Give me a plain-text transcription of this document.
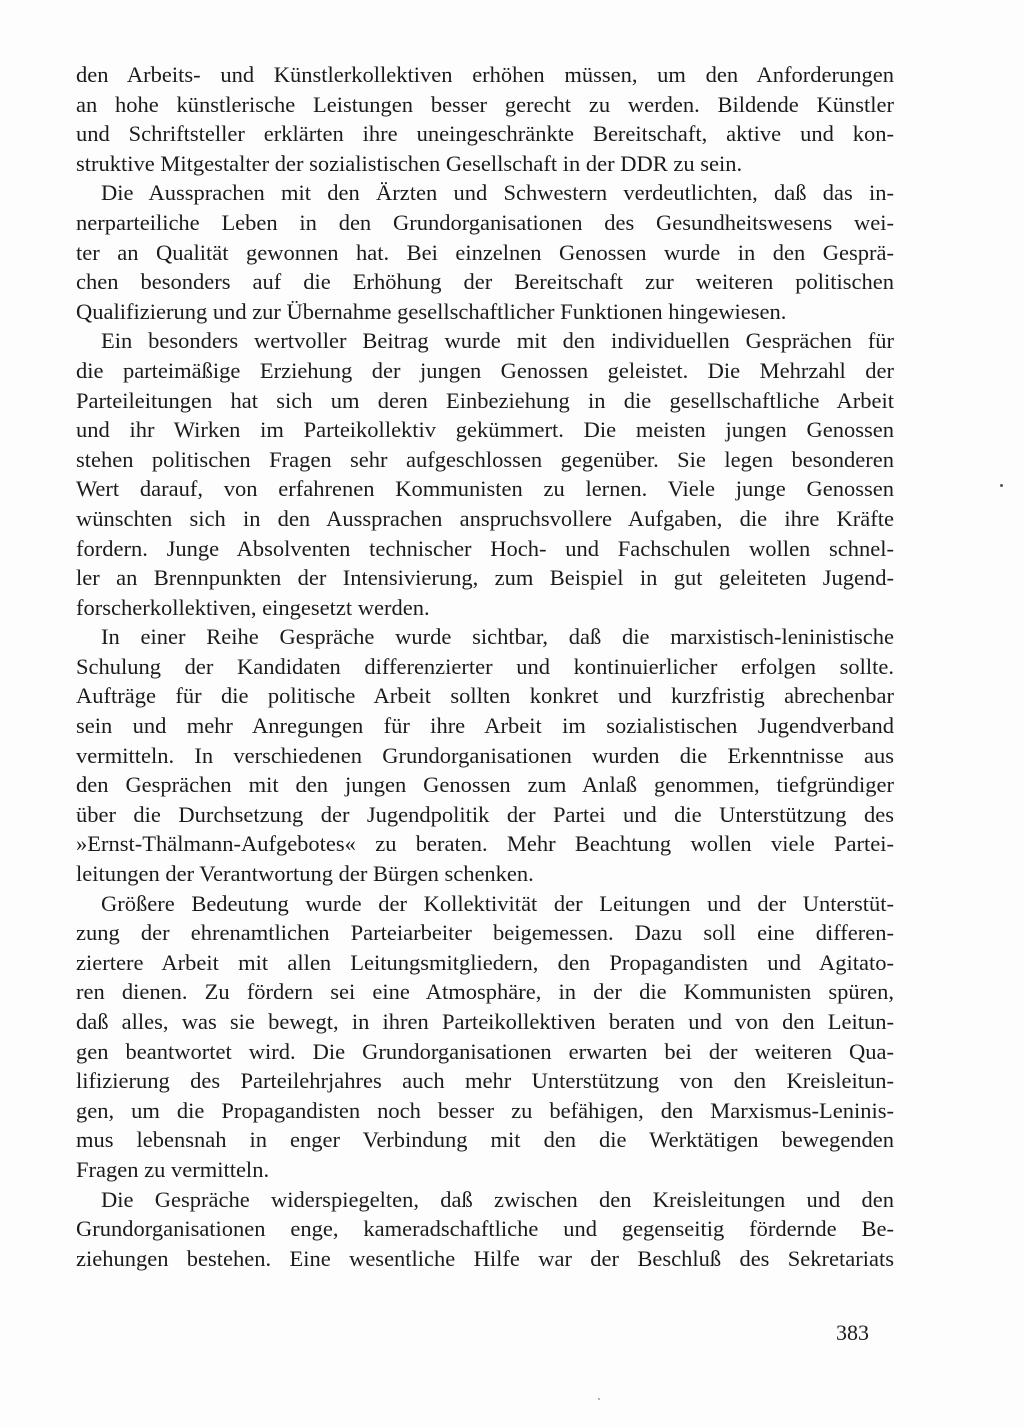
den Arbeits- und Künstlerkollektiven erhöhen müssen, um den Anforderungen
an hohe künstlerische Leistungen besser gerecht zu werden. Bildende Künstler
und Schriftsteller erklärten ihre uneingeschränkte Bereitschaft, aktive und kon-
struktive Mitgestalter der sozialistischen Gesellschaft in der DDR zu sein.
Die Aussprachen mit den Ärzten und Schwestern verdeutlichten, daß das in-
nerparteiliche Leben in den Grundorganisationen des Gesundheitswesens wei-
ter an Qualität gewonnen hat. Bei einzelnen Genossen wurde in den Gesprä-
chen besonders auf die Erhöhung der Bereitschaft zur weiteren politischen
Qualifizierung und zur Übernahme gesellschaftlicher Funktionen hingewiesen.
Ein besonders wertvoller Beitrag wurde mit den individuellen Gesprächen für
die parteimäßige Erziehung der jungen Genossen geleistet. Die Mehrzahl der
Parteileitungen hat sich um deren Einbeziehung in die gesellschaftliche Arbeit
und ihr Wirken im Parteikollektiv gekümmert. Die meisten jungen Genossen
stehen politischen Fragen sehr aufgeschlossen gegenüber. Sie legen besonderen
Wert darauf, von erfahrenen Kommunisten zu lernen. Viele junge Genossen
wünschten sich in den Aussprachen anspruchsvollere Aufgaben, die ihre Kräfte
fordern. Junge Absolventen technischer Hoch- und Fachschulen wollen schnel-
ler an Brennpunkten der Intensivierung, zum Beispiel in gut geleiteten Jugend-
forscherkollektiven, eingesetzt werden.
In einer Reihe Gespräche wurde sichtbar, daß die marxistisch-leninistische
Schulung der Kandidaten differenzierter und kontinuierlicher erfolgen sollte.
Aufträge für die politische Arbeit sollten konkret und kurzfristig abrechenbar
sein und mehr Anregungen für ihre Arbeit im sozialistischen Jugendverband
vermitteln. In verschiedenen Grundorganisationen wurden die Erkenntnisse aus
den Gesprächen mit den jungen Genossen zum Anlaß genommen, tiefgründiger
über die Durchsetzung der Jugendpolitik der Partei und die Unterstützung des
»Ernst-Thälmann-Aufgebotes« zu beraten. Mehr Beachtung wollen viele Partei-
leitungen der Verantwortung der Bürgen schenken.
Größere Bedeutung wurde der Kollektivität der Leitungen und der Unterstüt-
zung der ehrenamtlichen Parteiarbeiter beigemessen. Dazu soll eine differen-
ziertere Arbeit mit allen Leitungsmitgliedern, den Propagandisten und Agitato-
ren dienen. Zu fördern sei eine Atmosphäre, in der die Kommunisten spüren,
daß alles, was sie bewegt, in ihren Parteikollektiven beraten und von den Leitun-
gen beantwortet wird. Die Grundorganisationen erwarten bei der weiteren Qua-
lifizierung des Parteilehrjahres auch mehr Unterstützung von den Kreisleitun-
gen, um die Propagandisten noch besser zu befähigen, den Marxismus-Leninis-
mus lebensnah in enger Verbindung mit den die Werktätigen bewegenden
Fragen zu vermitteln.
Die Gespräche widerspiegelten, daß zwischen den Kreisleitungen und den
Grundorganisationen enge, kameradschaftliche und gegenseitig fördernde Be-
ziehungen bestehen. Eine wesentliche Hilfe war der Beschluß des Sekretariats
383
